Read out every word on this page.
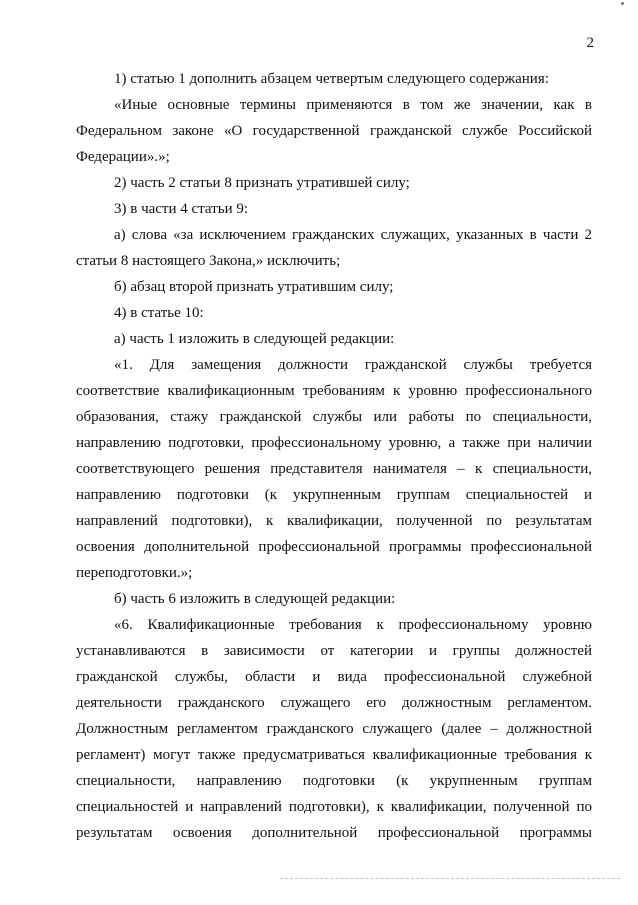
2

1) статью 1 дополнить абзацем четвертым следующего содержания:

«Иные основные термины применяются в том же значении, как в Федеральном законе «О государственной гражданской службе Российской Федерации».»;

2) часть 2 статьи 8 признать утратившей силу;

3) в части 4 статьи 9:

а) слова «за исключением гражданских служащих, указанных в части 2 статьи 8 настоящего Закона,» исключить;

б) абзац второй признать утратившим силу;

4) в статье 10:

а) часть 1 изложить в следующей редакции:

«1. Для замещения должности гражданской службы требуется соответствие квалификационным требованиям к уровню профессионального образования, стажу гражданской службы или работы по специальности, направлению подготовки, профессиональному уровню, а также при наличии соответствующего решения представителя нанимателя – к специальности, направлению подготовки (к укрупненным группам специальностей и направлений подготовки), к квалификации, полученной по результатам освоения дополнительной профессиональной программы профессиональной переподготовки.»;

б) часть 6 изложить в следующей редакции:

«6. Квалификационные требования к профессиональному уровню устанавливаются в зависимости от категории и группы должностей гражданской службы, области и вида профессиональной служебной деятельности гражданского служащего его должностным регламентом. Должностным регламентом гражданского служащего (далее – должностной регламент) могут также предусматриваться квалификационные требования к специальности, направлению подготовки (к укрупненным группам специальностей и направлений подготовки), к квалификации, полученной по результатам освоения дополнительной профессиональной программы
